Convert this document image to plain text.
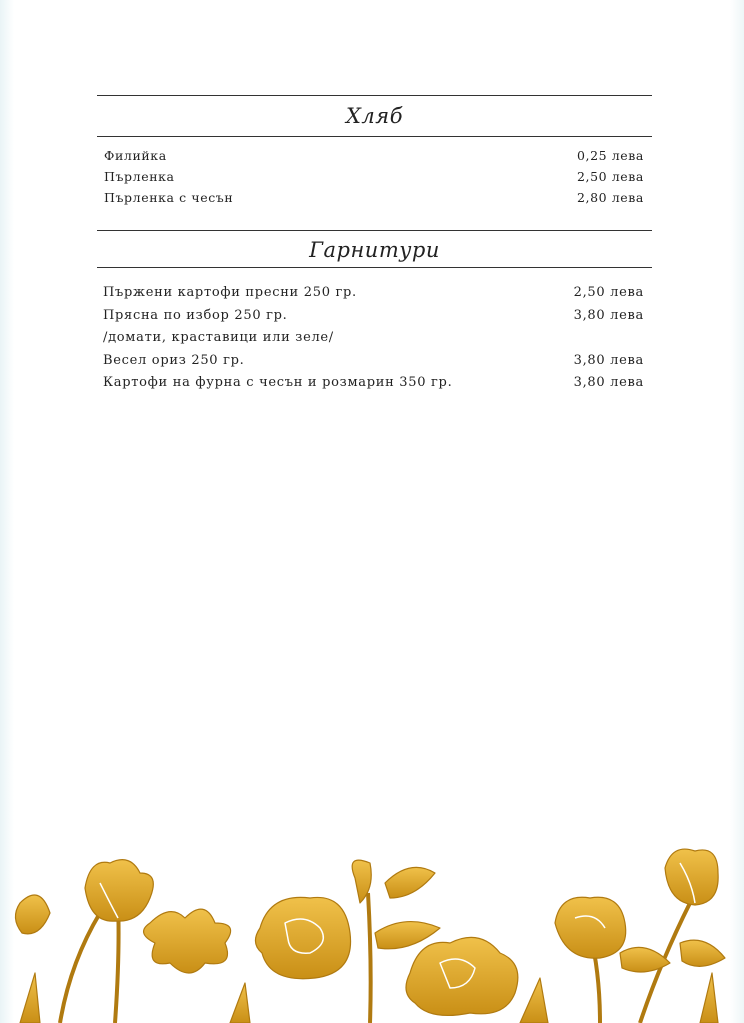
Хляб
Филийка	0,25 лева
Пърленка	2,50 лева
Пърленка с чесън	2,80 лева
Гарнитури
Пържени картофи пресни 250 гр.	2,50 лева
Прясна по избор 250 гр.	3,80 лева
/домати, краставици или зеле/
Весел ориз 250 гр.	3,80 лева
Картофи на фурна с чесън и розмарин 350 гр.	3,80 лева
